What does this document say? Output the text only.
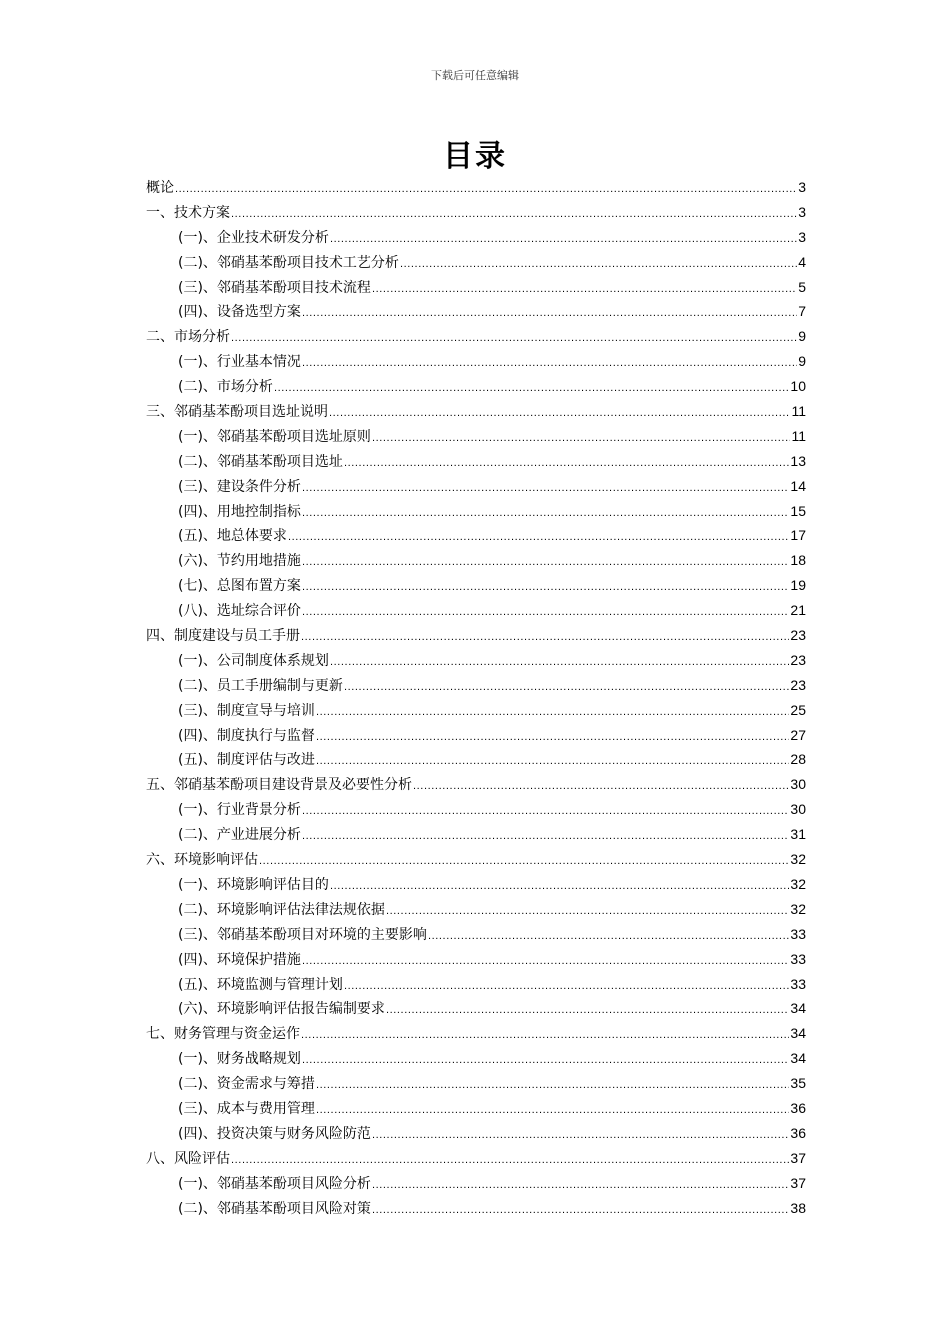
下载后可任意编辑
目录
概论 .....	3
一、技术方案 .....	3
(一)、企业技术研发分析 .....	3
(二)、邻硝基苯酚项目技术工艺分析 .....	4
(三)、邻硝基苯酚项目技术流程 .....	5
(四)、设备选型方案 .....	7
二、市场分析 .....	9
(一)、行业基本情况 .....	9
(二)、市场分析 .....	10
三、邻硝基苯酚项目选址说明 .....	11
(一)、邻硝基苯酚项目选址原则 .....	11
(二)、邻硝基苯酚项目选址 .....	13
(三)、建设条件分析 .....	14
(四)、用地控制指标 .....	15
(五)、地总体要求 .....	17
(六)、节约用地措施 .....	18
(七)、总图布置方案 .....	19
(八)、选址综合评价 .....	21
四、制度建设与员工手册 .....	23
(一)、公司制度体系规划 .....	23
(二)、员工手册编制与更新 .....	23
(三)、制度宣导与培训 .....	25
(四)、制度执行与监督 .....	27
(五)、制度评估与改进 .....	28
五、邻硝基苯酚项目建设背景及必要性分析 .....	30
(一)、行业背景分析 .....	30
(二)、产业进展分析 .....	31
六、环境影响评估 .....	32
(一)、环境影响评估目的 .....	32
(二)、环境影响评估法律法规依据 .....	32
(三)、邻硝基苯酚项目对环境的主要影响 .....	33
(四)、环境保护措施 .....	33
(五)、环境监测与管理计划 .....	33
(六)、环境影响评估报告编制要求 .....	34
七、财务管理与资金运作 .....	34
(一)、财务战略规划 .....	34
(二)、资金需求与筹措 .....	35
(三)、成本与费用管理 .....	36
(四)、投资决策与财务风险防范 .....	36
八、风险评估 .....	37
(一)、邻硝基苯酚项目风险分析 .....	37
(二)、邻硝基苯酚项目风险对策 .....	38
